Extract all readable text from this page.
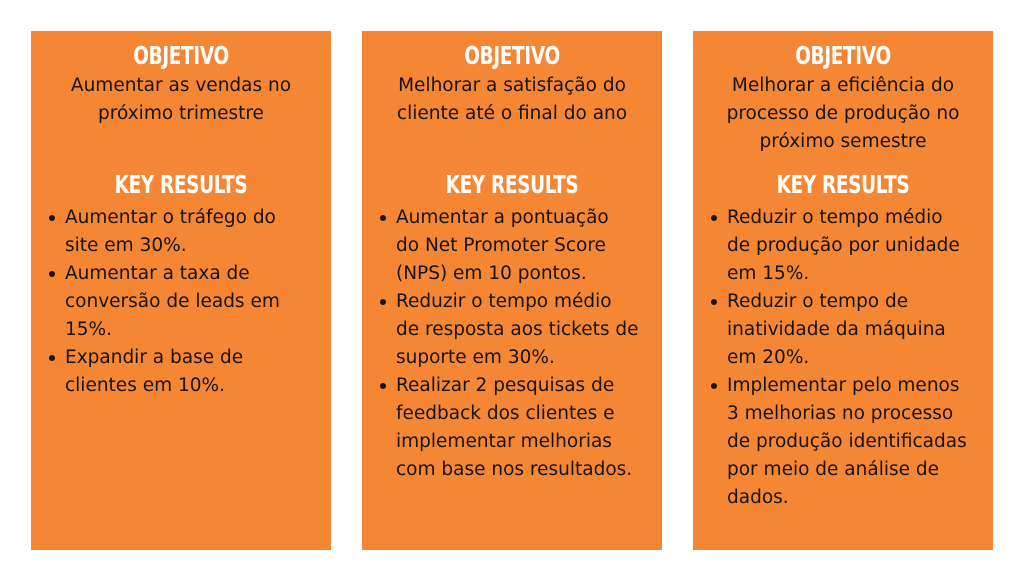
OBJETIVO
Aumentar as vendas no
próximo trimestre
KEY RESULTS
Aumentar o tráfego do
site em 30%.
Aumentar a taxa de
conversão de leads em
15%.
Expandir a base de
clientes em 10%.
OBJETIVO
Melhorar a satisfação do
cliente até o final do ano
KEY RESULTS
Aumentar a pontuação
do Net Promoter Score
(NPS) em 10 pontos.
Reduzir o tempo médio
de resposta aos tickets de
suporte em 30%.
Realizar 2 pesquisas de
feedback dos clientes e
implementar melhorias
com base nos resultados.
OBJETIVO
Melhorar a eficiência do
processo de produção no
próximo semestre
KEY RESULTS
Reduzir o tempo médio
de produção por unidade
em 15%.
Reduzir o tempo de
inatividade da máquina
em 20%.
Implementar pelo menos
3 melhorias no processo
de produção identificadas
por meio de análise de
dados.
